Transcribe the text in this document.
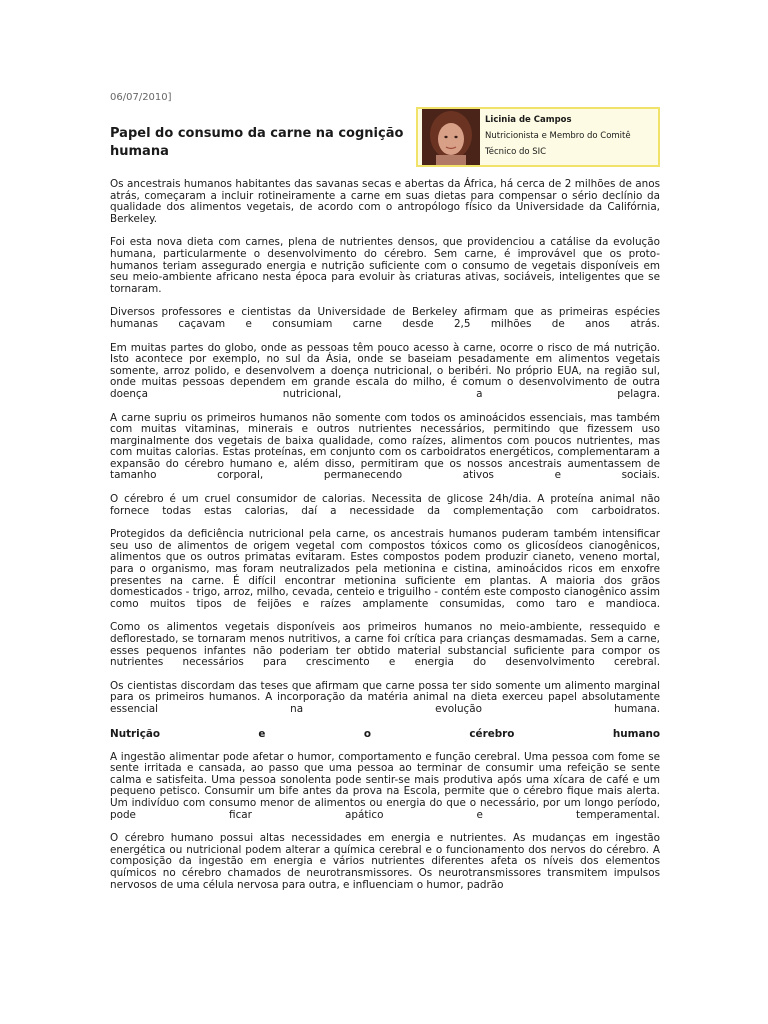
06/07/2010]
Papel do consumo da carne na cognição humana
Licinia de Campos
Nutricionista e Membro do Comitê
Técnico do SIC

Os ancestrais humanos habitantes das savanas secas e abertas da África, há cerca de 2 milhões de anos atrás, começaram a incluir rotineiramente a carne em suas dietas para compensar o sério declínio da qualidade dos alimentos vegetais, de acordo com o antropólogo físico da Universidade da Califórnia, Berkeley.

Foi esta nova dieta com carnes, plena de nutrientes densos, que providenciou a catálise da evolução humana, particularmente o desenvolvimento do cérebro. Sem carne, é improvável que os proto-humanos teriam assegurado energia e nutrição suficiente com o consumo de vegetais disponíveis em seu meio-ambiente africano nesta época para evoluir às criaturas ativas, sociáveis, inteligentes que se tornaram.

Diversos professores e cientistas da Universidade de Berkeley afirmam que as primeiras espécies humanas caçavam e consumiam carne desde 2,5 milhões de anos atrás.

Em muitas partes do globo, onde as pessoas têm pouco acesso à carne, ocorre o risco de má nutrição. Isto acontece por exemplo, no sul da Ásia, onde se baseiam pesadamente em alimentos vegetais somente, arroz polido, e desenvolvem a doença nutricional, o beribéri. No próprio EUA, na região sul, onde muitas pessoas dependem em grande escala do milho, é comum o desenvolvimento de outra doença nutricional, a pelagra.

A carne supriu os primeiros humanos não somente com todos os aminoácidos essenciais, mas também com muitas vitaminas, minerais e outros nutrientes necessários, permitindo que fizessem uso marginalmente dos vegetais de baixa qualidade, como raízes, alimentos com poucos nutrientes, mas com muitas calorias. Estas proteínas, em conjunto com os carboidratos energéticos, complementaram a expansão do cérebro humano e, além disso, permitiram que os nossos ancestrais aumentassem de tamanho corporal, permanecendo ativos e sociais.

O cérebro é um cruel consumidor de calorias. Necessita de glicose 24h/dia. A proteína animal não fornece todas estas calorias, daí a necessidade da complementação com carboidratos.

Protegidos da deficiência nutricional pela carne, os ancestrais humanos puderam também intensificar seu uso de alimentos de origem vegetal com compostos tóxicos como os glicosídeos cianogênicos, alimentos que os outros primatas evitaram. Estes compostos podem produzir cianeto, veneno mortal, para o organismo, mas foram neutralizados pela metionina e cistina, aminoácidos ricos em enxofre presentes na carne. É difícil encontrar metionina suficiente em plantas. A maioria dos grãos domesticados - trigo, arroz, milho, cevada, centeio e triguilho - contém este composto cianogênico assim como muitos tipos de feijões e raízes amplamente consumidas, como taro e mandioca.

Como os alimentos vegetais disponíveis aos primeiros humanos no meio-ambiente, ressequido e deflorestado, se tornaram menos nutritivos, a carne foi crítica para crianças desmamadas. Sem a carne, esses pequenos infantes não poderiam ter obtido material substancial suficiente para compor os nutrientes necessários para crescimento e energia do desenvolvimento cerebral.

Os cientistas discordam das teses que afirmam que carne possa ter sido somente um alimento marginal para os primeiros humanos. A incorporação da matéria animal na dieta exerceu papel absolutamente essencial na evolução humana.

Nutrição e o cérebro humano

A ingestão alimentar pode afetar o humor, comportamento e função cerebral. Uma pessoa com fome se sente irritada e cansada, ao passo que uma pessoa ao terminar de consumir uma refeição se sente calma e satisfeita. Uma pessoa sonolenta pode sentir-se mais produtiva após uma xícara de café e um pequeno petisco. Consumir um bife antes da prova na Escola, permite que o cérebro fique mais alerta. Um indivíduo com consumo menor de alimentos ou energia do que o necessário, por um longo período, pode ficar apático e temperamental.

O cérebro humano possui altas necessidades em energia e nutrientes. As mudanças em ingestão energética ou nutricional podem alterar a química cerebral e o funcionamento dos nervos do cérebro. A composição da ingestão em energia e vários nutrientes diferentes afeta os níveis dos elementos químicos no cérebro chamados de neurotransmissores. Os neurotransmissores transmitem impulsos nervosos de uma célula nervosa para outra, e influenciam o humor, padrão
